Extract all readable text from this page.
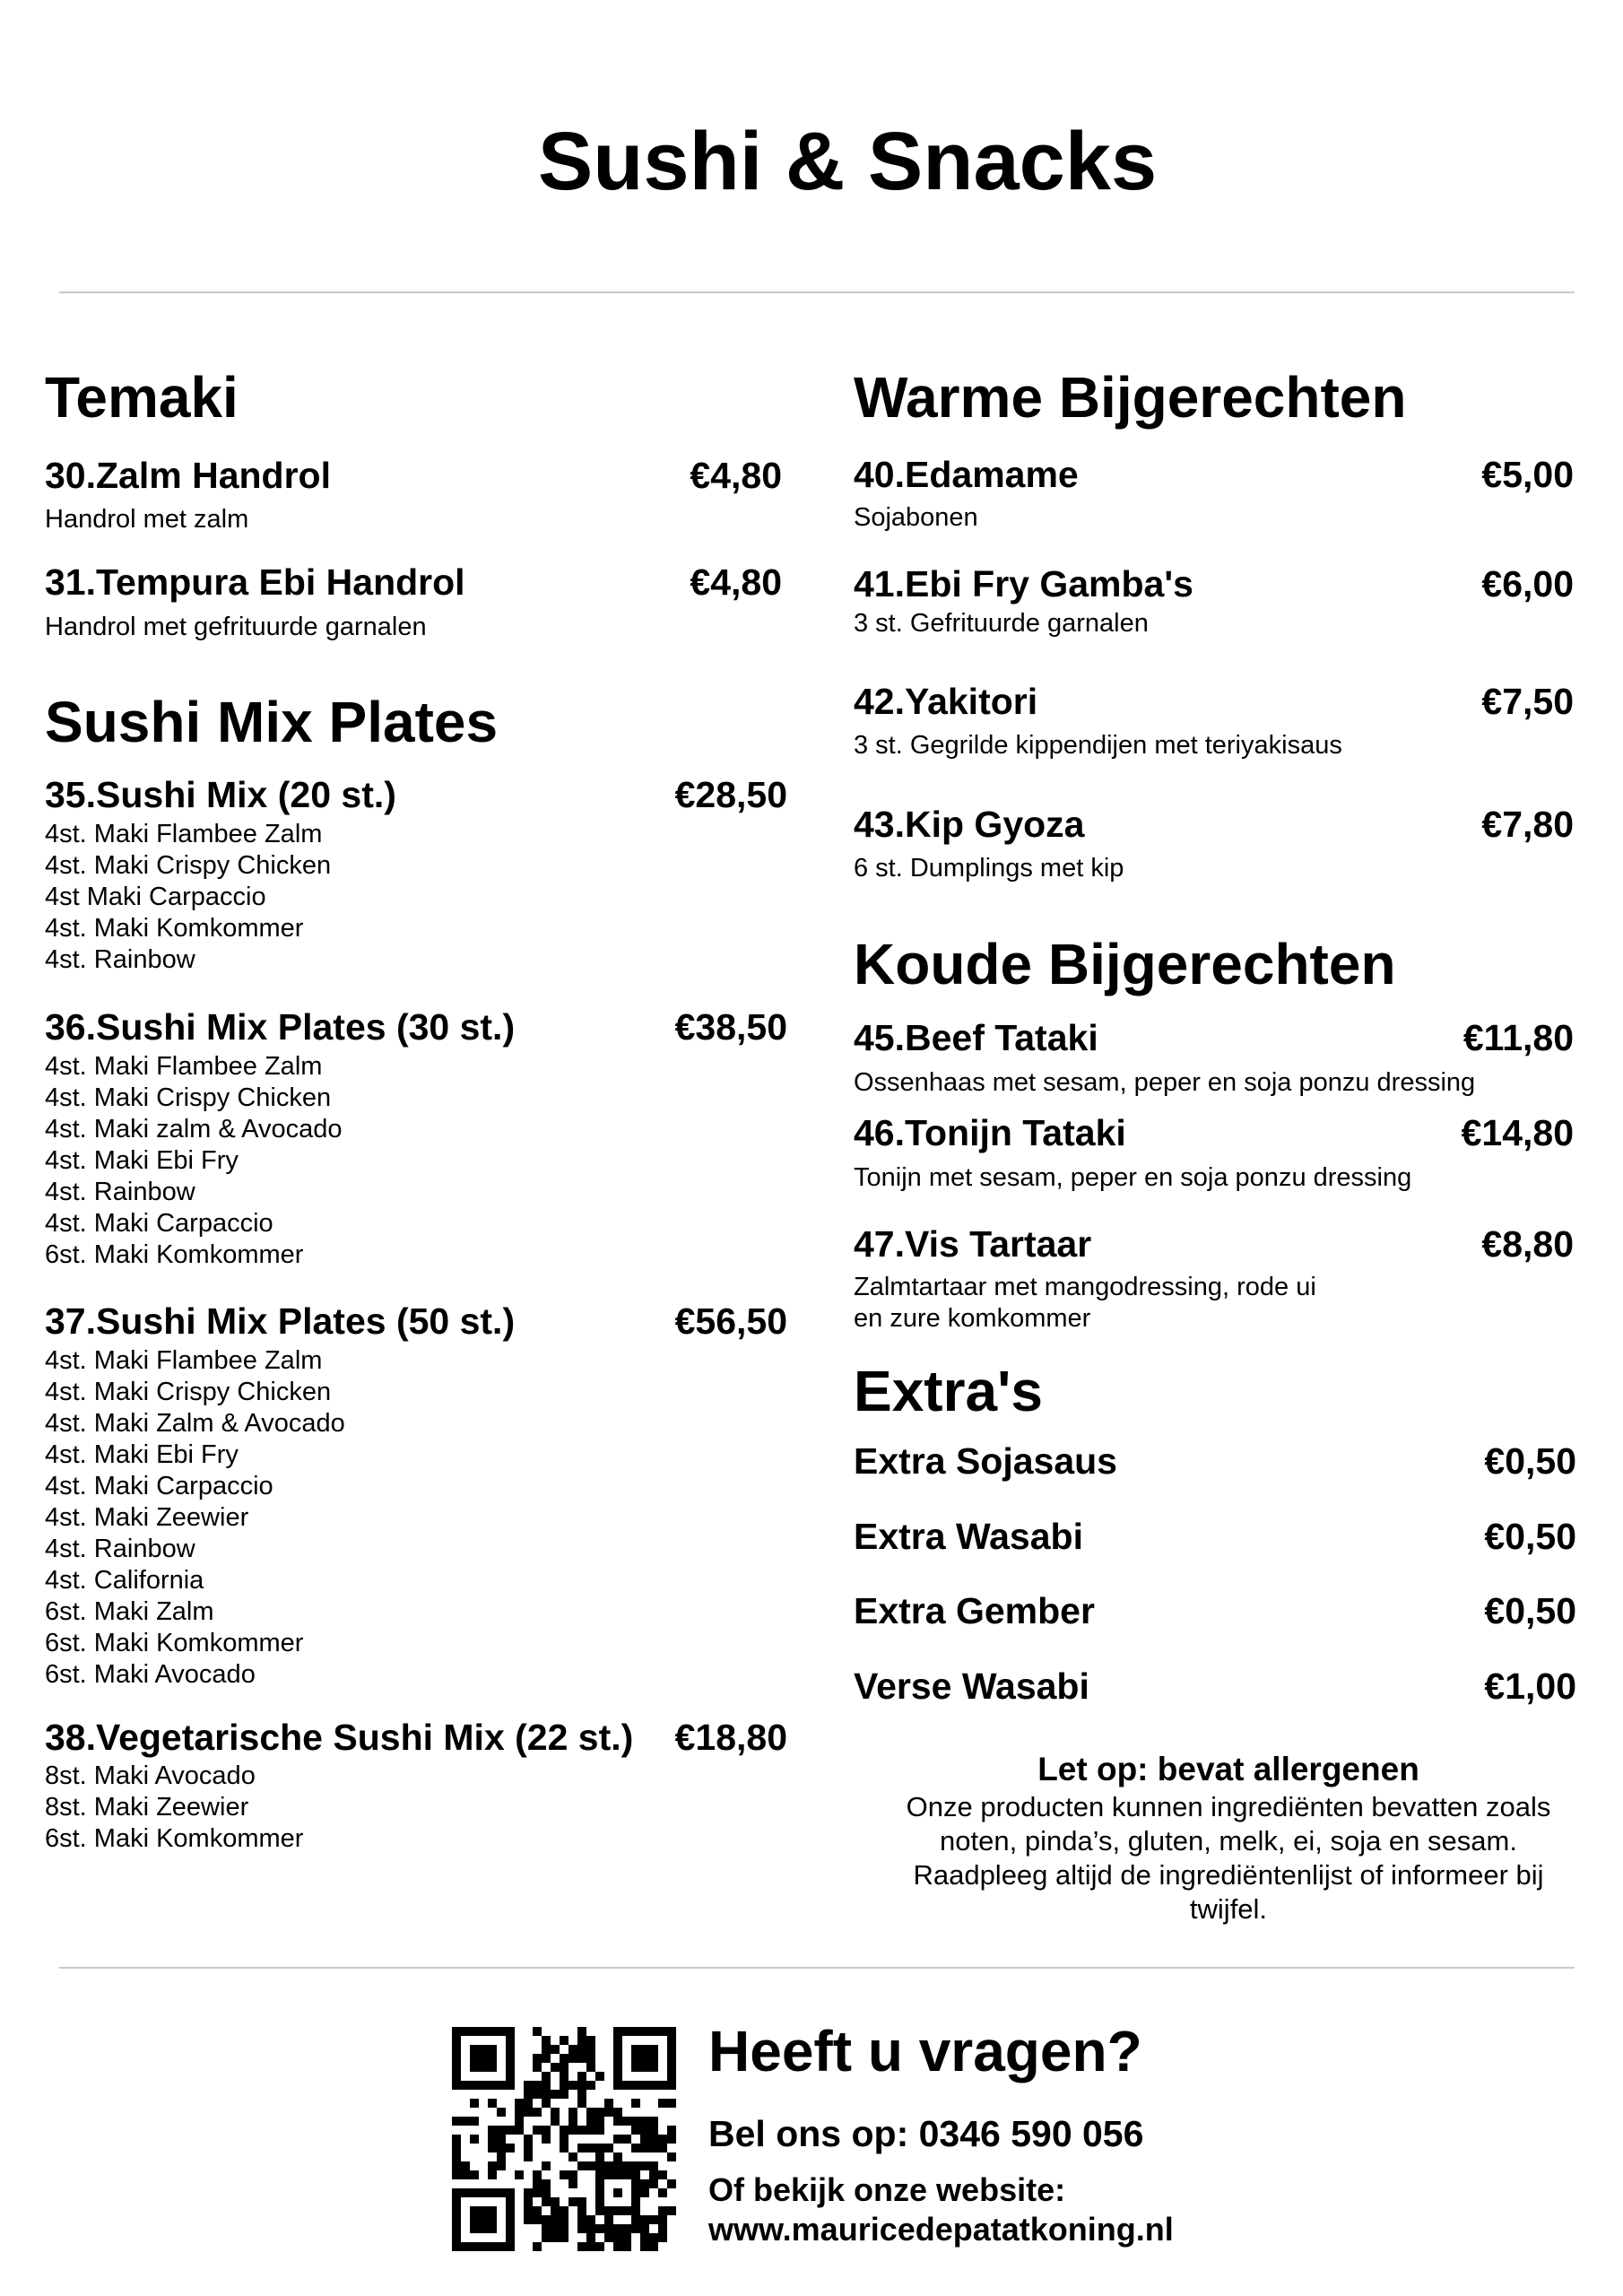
Sushi & Snacks
Temaki
30.Zalm Handrol	€4,80
Handrol met zalm
31.Tempura Ebi Handrol	€4,80
Handrol met gefrituurde garnalen
Sushi Mix Plates
35.Sushi Mix (20 st.)	€28,50
4st. Maki Flambee Zalm
4st. Maki Crispy Chicken
4st Maki Carpaccio
4st. Maki Komkommer
4st. Rainbow
36.Sushi Mix Plates (30 st.)	€38,50
4st. Maki Flambee Zalm
4st. Maki Crispy Chicken
4st. Maki zalm & Avocado
4st. Maki Ebi Fry
4st. Rainbow
4st. Maki Carpaccio
6st. Maki Komkommer
37.Sushi Mix Plates (50 st.)	€56,50
4st. Maki Flambee Zalm
4st. Maki Crispy Chicken
4st. Maki Zalm & Avocado
4st. Maki Ebi Fry
4st. Maki Carpaccio
4st. Maki Zeewier
4st. Rainbow
4st. California
6st. Maki Zalm
6st. Maki Komkommer
6st. Maki Avocado
38.Vegetarische Sushi Mix (22 st.)	€18,80
8st. Maki Avocado
8st. Maki Zeewier
6st. Maki Komkommer
Warme Bijgerechten
40.Edamame	€5,00
Sojabonen
41.Ebi Fry Gamba's	€6,00
3 st. Gefrituurde garnalen
42.Yakitori	€7,50
3 st. Gegrilde kippendijen met teriyakisaus
43.Kip Gyoza	€7,80
6 st. Dumplings met kip
Koude Bijgerechten
45.Beef Tataki	€11,80
Ossenhaas met sesam, peper en soja ponzu dressing
46.Tonijn Tataki	€14,80
Tonijn met sesam, peper en soja ponzu dressing
47.Vis Tartaar	€8,80
Zalmtartaar met mangodressing, rode ui
en zure komkommer
Extra's
Extra Sojasaus	€0,50
Extra Wasabi	€0,50
Extra Gember	€0,50
Verse Wasabi	€1,00
Let op: bevat allergenen
Onze producten kunnen ingrediënten bevatten zoals
noten, pinda’s, gluten, melk, ei, soja en sesam.
Raadpleeg altijd de ingrediëntenlijst of informeer bij
twijfel.
Heeft u vragen?
Bel ons op: 0346 590 056
Of bekijk onze website:
www.mauricedepatatkoning.nl
